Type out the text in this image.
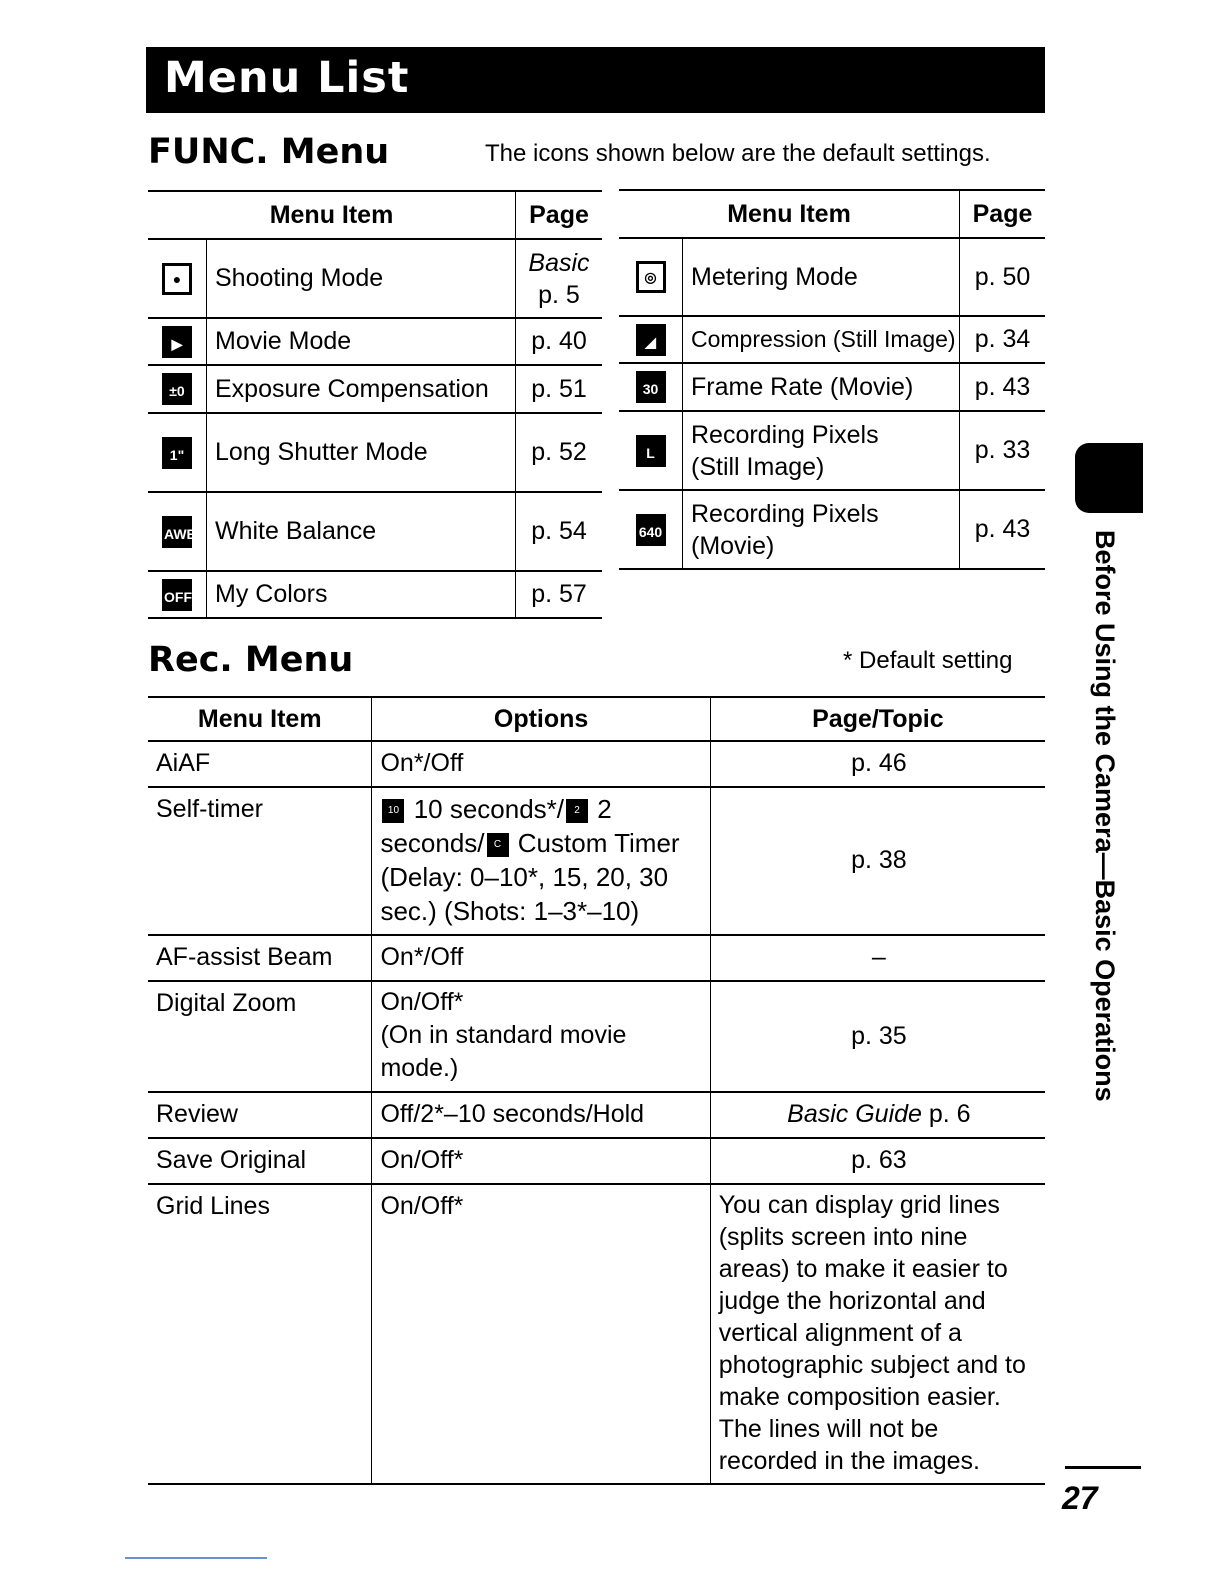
Menu List
FUNC. Menu	The icons shown below are the default settings.
Menu Item		Page
●	Shooting Mode	Basic
p. 5
▶	Movie Mode	p. 40
±0	Exposure Compensation	p. 51
1"	Long Shutter Mode	p. 52
AWB	White Balance	p. 54
OFF	My Colors	p. 57
Menu Item		Page
◎	Metering Mode	p. 50
◢	Compression (Still Image)	p. 34
30	Frame Rate (Movie)	p. 43
L	Recording Pixels
(Still Image)	p. 33
640	Recording Pixels
(Movie)	p. 43
Rec. Menu	* Default setting
Menu Item	Options	Page/Topic
AiAF	On*/Off	p. 46
Self-timer	10 10 seconds*/ 2 2 seconds/ C Custom Timer (Delay: 0–10*, 15, 20, 30 sec.) (Shots: 1–3*–10)	p. 38
AF-assist Beam	On*/Off	–
Digital Zoom	On/Off*
(On in standard movie mode.)	p. 35
Review	Off/2*–10 seconds/Hold	Basic Guide p. 6
Save Original	On/Off*	p. 63
Grid Lines	On/Off*	You can display grid lines (splits screen into nine areas) to make it easier to judge the horizontal and vertical alignment of a photographic subject and to make composition easier. The lines will not be recorded in the images.
Before Using the Camera—Basic Operations
27
